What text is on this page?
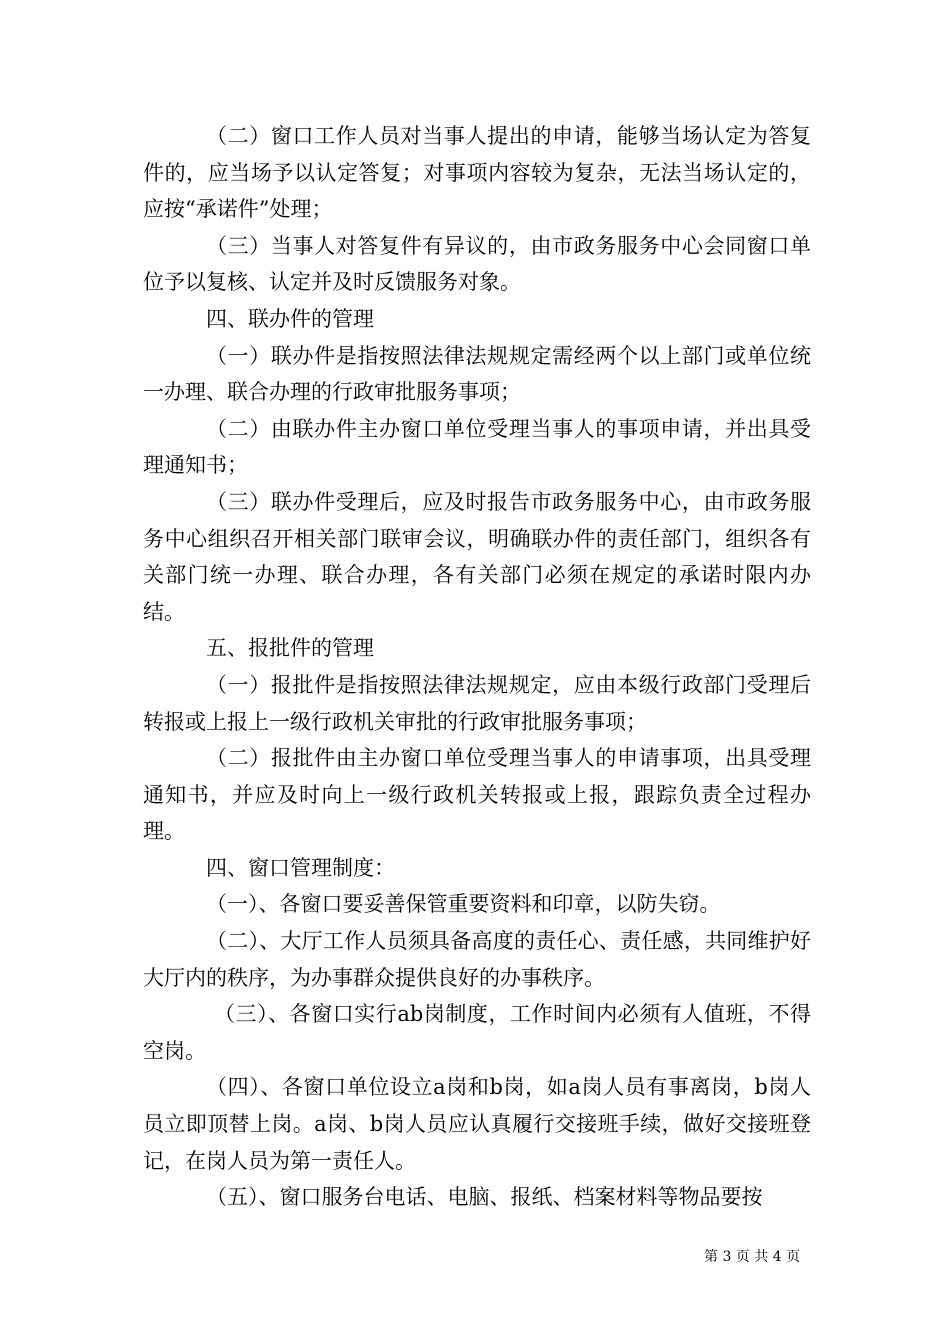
（二）窗口工作人员对当事人提出的申请，能够当场认定为答复件的，应当场予以认定答复；对事项内容较为复杂，无法当场认定的，应按“承诺件”处理；

（三）当事人对答复件有异议的，由市政务服务中心会同窗口单位予以复核、认定并及时反馈服务对象。

四、联办件的管理

（一）联办件是指按照法律法规规定需经两个以上部门或单位统一办理、联合办理的行政审批服务事项；

（二）由联办件主办窗口单位受理当事人的事项申请，并出具受理通知书；

（三）联办件受理后，应及时报告市政务服务中心，由市政务服务中心组织召开相关部门联审会议，明确联办件的责任部门，组织各有关部门统一办理、联合办理，各有关部门必须在规定的承诺时限内办结。

五、报批件的管理

（一）报批件是指按照法律法规规定，应由本级行政部门受理后转报或上报上一级行政机关审批的行政审批服务事项；

（二）报批件由主办窗口单位受理当事人的申请事项，出具受理通知书，并应及时向上一级行政机关转报或上报，跟踪负责全过程办理。

四、窗口管理制度：

（一）、各窗口要妥善保管重要资料和印章，以防失窃。

（二）、大厅工作人员须具备高度的责任心、责任感，共同维护好大厅内的秩序，为办事群众提供良好的办事秩序。

（三）、各窗口实行ab岗制度，工作时间内必须有人值班，不得空岗。

（四）、各窗口单位设立a岗和b岗，如a岗人员有事离岗，b岗人员立即顶替上岗。a岗、b岗人员应认真履行交接班手续，做好交接班登记，在岗人员为第一责任人。

（五）、窗口服务台电话、电脑、报纸、档案材料等物品要按

第 3 页 共 4 页
